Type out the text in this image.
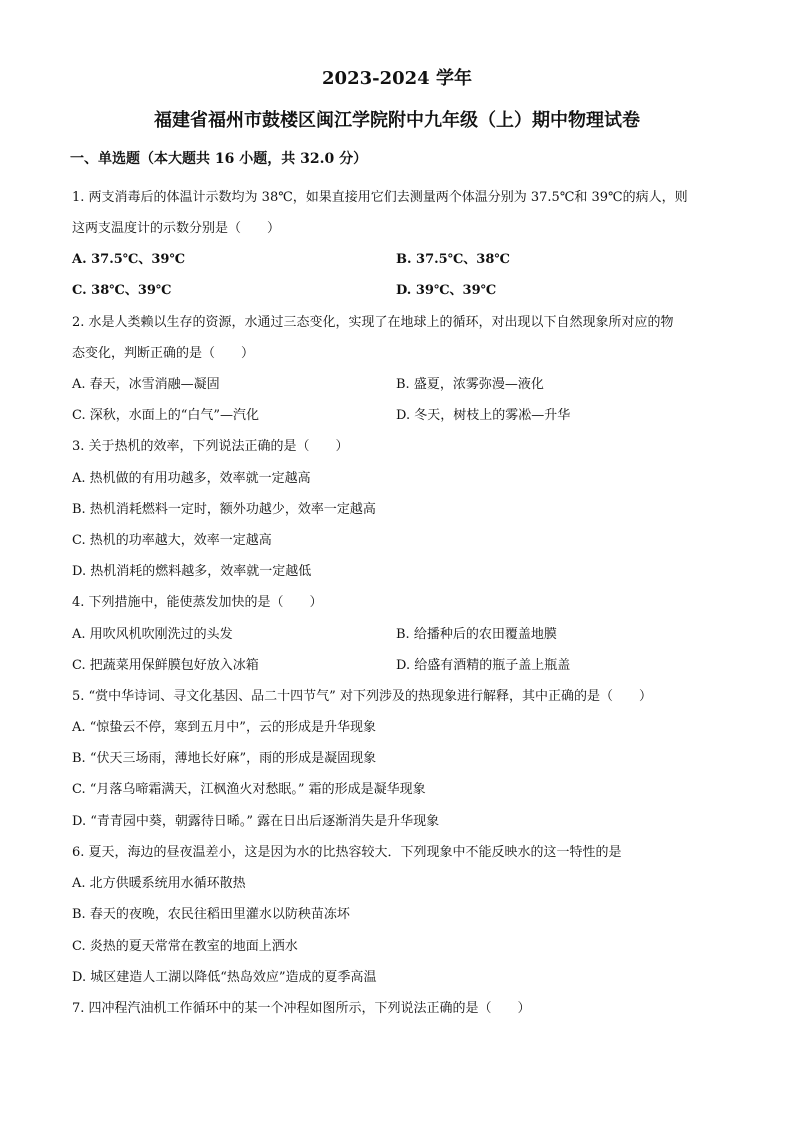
2023-2024 学年
福建省福州市鼓楼区闽江学院附中九年级（上）期中物理试卷
一、单选题（本大题共 16 小题，共 32.0 分）
1. 两支消毒后的体温计示数均为 38℃，如果直接用它们去测量两个体温分别为 37.5℃和 39℃的病人，则
这两支温度计的示数分别是（　　）
A. 37.5℃、39℃	B. 37.5℃、38℃
C. 38℃、39℃	D. 39℃、39℃
2. 水是人类赖以生存的资源，水通过三态变化，实现了在地球上的循环，对出现以下自然现象所对应的物
态变化，判断正确的是（　　）
A. 春天，冰雪消融—凝固	B. 盛夏，浓雾弥漫—液化
C. 深秋，水面上的“白气”—汽化	D. 冬天，树枝上的雾凇—升华
3. 关于热机的效率，下列说法正确的是（　　）
A. 热机做的有用功越多，效率就一定越高
B. 热机消耗燃料一定时，额外功越少，效率一定越高
C. 热机的功率越大，效率一定越高
D. 热机消耗的燃料越多，效率就一定越低
4. 下列措施中，能使蒸发加快的是（　　）
A. 用吹风机吹刚洗过的头发	B. 给播种后的农田覆盖地膜
C. 把蔬菜用保鲜膜包好放入冰箱	D. 给盛有酒精的瓶子盖上瓶盖
5. “赏中华诗词、寻文化基因、品二十四节气” 对下列涉及的热现象进行解释，其中正确的是（　　）
A. “惊蛰云不停，寒到五月中”，云的形成是升华现象
B. “伏天三场雨，薄地长好麻”，雨的形成是凝固现象
C. “月落乌啼霜满天，江枫渔火对愁眠。” 霜的形成是凝华现象
D. “青青园中葵，朝露待日晞。” 露在日出后逐渐消失是升华现象
6. 夏天，海边的昼夜温差小，这是因为水的比热容较大．下列现象中不能反映水的这一特性的是
A. 北方供暖系统用水循环散热
B. 春天的夜晚，农民往稻田里灌水以防秧苗冻坏
C. 炎热的夏天常常在教室的地面上洒水
D. 城区建造人工湖以降低“热岛效应”造成的夏季高温
7. 四冲程汽油机工作循环中的某一个冲程如图所示，下列说法正确的是（　　）
